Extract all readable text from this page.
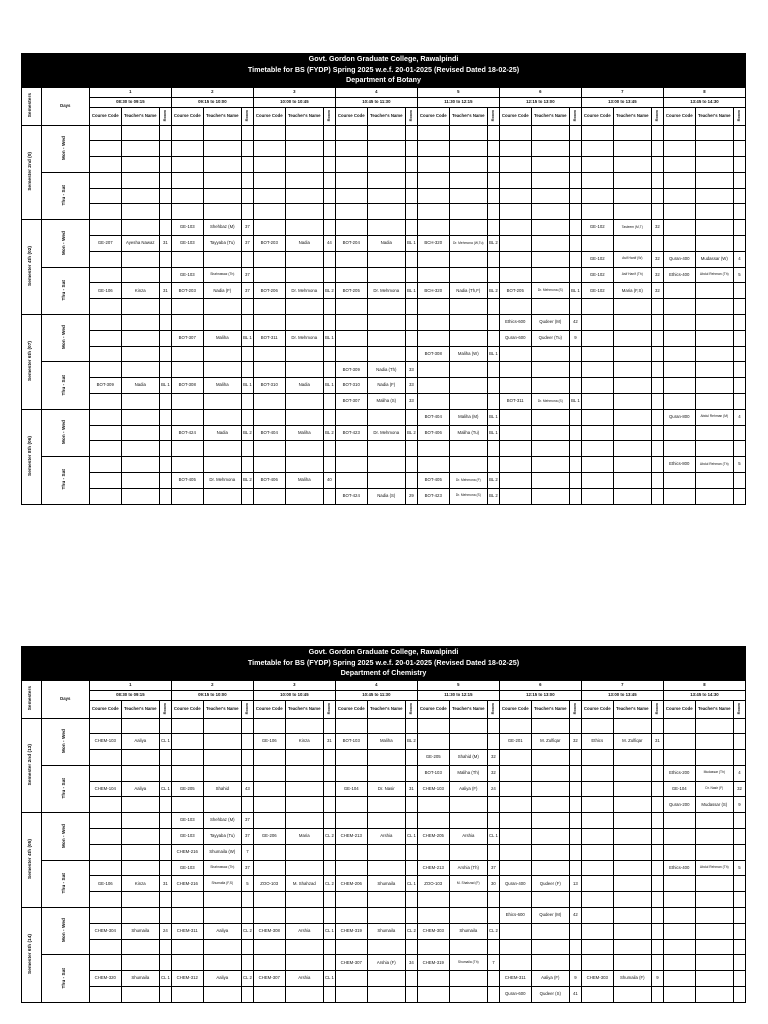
Govt. Gordon Graduate College, Rawalpindi
Timetable for BS (FYDP) Spring 2025 w.e.f. 20-01-2025 (Revised Dated 18-02-25)
Department of Botany
Semesters	Days	1			2			3			4			5			6			7			8		
		08:30 to 09:15			09:15 to 10:00			10:00 to 10:45			10:45 to 11:30			11:30 to 12:15			12:15 to 13:00			13:00 to 13:45			13:45 to 14:30		
		Course Code	Teacher's Name	Room	Course Code	Teacher's Name	Room	Course Code	Teacher's Name	Room	Course Code	Teacher's Name	Room	Course Code	Teacher's Name	Room	Course Code	Teacher's Name	Room	Course Code	Teacher's Name	Room	Course Code	Teacher's Name	Room
Semester 2nd (0)	Mon - Wed																								

	Thu - Sat																								

Semester 4th (02)	Mon - Wed				GE-103	Shehbaz (M)	37													GE-102	Tasleem (M,T)	32			
		GE-207	Ayesha Nawaz	31	GE-103	Tayyaba (Tu)	37	BOT-203	Nadia	44	BOT-204	Nadia	BL 1	BCH-320	Dr. Mehmona (W,Tu)	BL 2									
																				GE-102	Asif Hanif (W)	32	Quran-400	Mudassar (W)	4
	Thu - Sat				GE-103	Shahnawaz (Th)	37													GE-102	Asif Hanif (Th)	32	Ethics-400	Abdul Rehman (Th)	5
		GE-106	Kinza	31	BOT-203	Nadia (F)	37	BOT-206	Dr. Mehmona	BL 2	BOT-205	Dr. Mehmona	BL 1	BCH-320	Nadia (Th,F)	BL 2	BOT-205	Dr. Mehmona (S)	BL 1	GE-102	Maria (F,S)	32			

Semester 6th (07)	Mon - Wed																Ethics-600	Qudeer (M)	42						
					BOT-307	Maliha	BL 1	BOT-311	Dr. Mehmona	BL 1							Quran-600	Qudeer (Tu)	9						
														BOT-308	Maliha (W)	BL 1									
	Thu - Sat										BOT-309	Nadia (Th)	33												
		BOT-309	Nadia	BL 1	BOT-308	Maliha	BL 1	BOT-310	Nadia	BL 1	BOT-310	Nadia (F)	33												
											BOT-307	Maliha (S)	33				BOT-311	Dr. Mehmona (S)	BL 1						
Semester 8th (06)	Mon - Wed													BOT-404	Maliha (M)	BL 1							Quran-800	Abdul Rehman (M)	4
					BOT-424	Nadia	BL 2	BOT-404	Maliha	BL 2	BOT-423	Dr. Mehmona	BL 2	BOT-406	Maliha (Tu)	BL 1									

	Thu - Sat																						Ethics-800	Abdul Rehman (Th)	5
					BOT-405	Dr. Mehmona	BL 2	BOT-406	Maliha	40				BOT-405	Dr. Mehmona (F)	BL 2									
											BOT-424	Nadia (S)	29	BOT-423	Dr. Mehmona (S)	BL 2									
Govt. Gordon Graduate College, Rawalpindi
Timetable for BS (FYDP) Spring 2025 w.e.f. 20-01-2025 (Revised Dated 18-02-25)
Department of Chemistry
Semesters	Days	1			2			3			4			5			6			7			8		
		08:30 to 09:15			09:15 to 10:00			10:00 to 10:45			10:45 to 11:30			11:30 to 12:15			12:15 to 13:00			13:00 to 13:45			13:45 to 14:30		
		Course Code	Teacher's Name	Room	Course Code	Teacher's Name	Room	Course Code	Teacher's Name	Room	Course Code	Teacher's Name	Room	Course Code	Teacher's Name	Room	Course Code	Teacher's Name	Room	Course Code	Teacher's Name	Room	Course Code	Teacher's Name	Room
Semester 2nd (13)	Mon - Wed																								
		CHEM-103	Aaliya	CL 1				GE-106	Kinza	31	BOT-103	Maliha	BL 2				GE-201	M. Zulfiqar	32	Ethics	M. Zulfiqar	31			
														GE-205	Shahid (M)	32									
	Thu - Sat													BOT-103	Maliha (Th)	32							Ethics-200	Mudassar (Th)	4
		CHEM-104	Aaliya	CL 1	GE-205	Shahid	43				GE-104	Dr. Nasir	31	CHEM-103	Aaliya (F)	24							GE-104	Dr. Nasir (F)	32
																							Quran-200	Mudassar (S)	9
Semester 4th (05)	Mon - Wed				GE-103	Shehbaz (M)	37																		
					GE-103	Tayyaba (Tu)	37	GE-206	Maria	CL 2	CHEM-213	Arshia	CL 1	CHEM-205	Arshia	CL 1									
					CHEM-216	Shumaila (W)	7																		
	Thu - Sat				GE-103	Shahnawaz (Th)	37							CHEM-213	Arshia (Th)	37							Ethics-400	Abdul Rehman (Th)	5
		GE-106	Kinza	31	CHEM-216	Shumaila (F,S)	5	ZOO-103	M. Shahzad	CL 2	CHEM-206	Shumaila	CL 1	ZOO-103	M. Shahzad (F)	30	Quran-400	Qudeer (F)	13						

Semester 6th (14)	Mon - Wed																Ehics-600	Qudeer (M)	42						
		CHEM-304	Shumaila	24	CHEM-311	Aaliya	CL 2	CHEM-308	Arshia	CL 1	CHEM-319	Shumaila	CL 2	CHEM-303	Shumaila	CL 2									

	Thu - Sat										CHEM-307	Arshia (F)	34	CHEM-319	Shumaila (Th)	7									
		CHEM-320	Shumaila	CL 1	CHEM-312	Aaliya	CL 2	CHEM-307	Arshia	CL 1							CHEM-311	Aaliya (F)	9	CHEM-303	Shumaila (F)	9			
																	Quran-600	Qudeer (S)	41						
